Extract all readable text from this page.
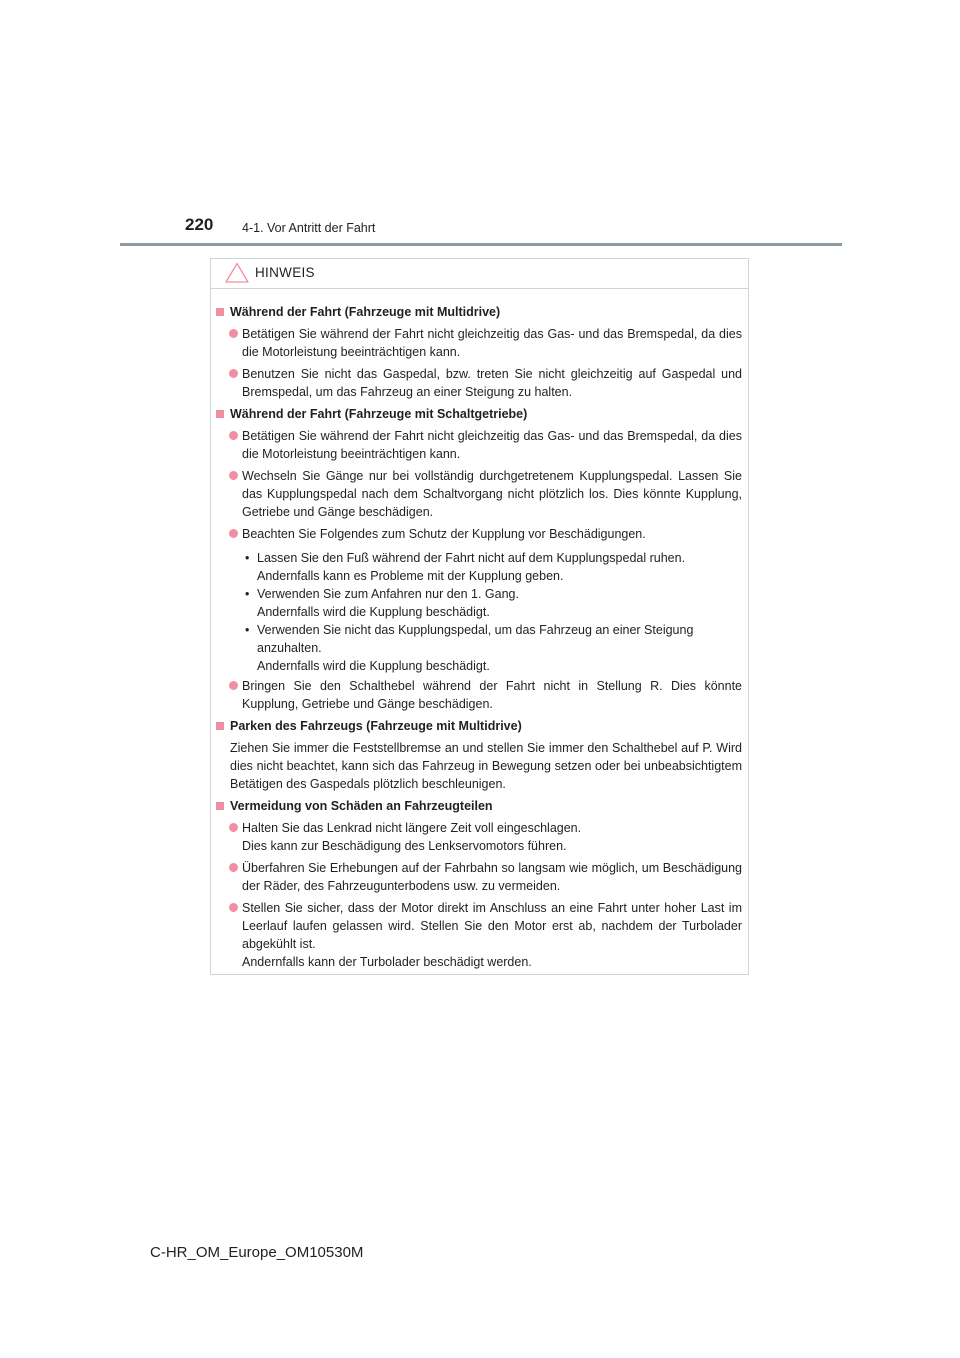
220 4-1. Vor Antritt der Fahrt
HINWEIS
Während der Fahrt (Fahrzeuge mit Multidrive)
Betätigen Sie während der Fahrt nicht gleichzeitig das Gas- und das Bremspedal, da dies die Motorleistung beeinträchtigen kann.
Benutzen Sie nicht das Gaspedal, bzw. treten Sie nicht gleichzeitig auf Gaspedal und Bremspedal, um das Fahrzeug an einer Steigung zu halten.
Während der Fahrt (Fahrzeuge mit Schaltgetriebe)
Betätigen Sie während der Fahrt nicht gleichzeitig das Gas- und das Bremspedal, da dies die Motorleistung beeinträchtigen kann.
Wechseln Sie Gänge nur bei vollständig durchgetretenem Kupplungspedal. Lassen Sie das Kupplungspedal nach dem Schaltvorgang nicht plötzlich los. Dies könnte Kupplung, Getriebe und Gänge beschädigen.
Beachten Sie Folgendes zum Schutz der Kupplung vor Beschädigungen.
• Lassen Sie den Fuß während der Fahrt nicht auf dem Kupplungspedal ruhen.
Andernfalls kann es Probleme mit der Kupplung geben.
• Verwenden Sie zum Anfahren nur den 1. Gang.
Andernfalls wird die Kupplung beschädigt.
• Verwenden Sie nicht das Kupplungspedal, um das Fahrzeug an einer Steigung anzuhalten.
Andernfalls wird die Kupplung beschädigt.
Bringen Sie den Schalthebel während der Fahrt nicht in Stellung R. Dies könnte Kupplung, Getriebe und Gänge beschädigen.
Parken des Fahrzeugs (Fahrzeuge mit Multidrive)
Ziehen Sie immer die Feststellbremse an und stellen Sie immer den Schalthebel auf P. Wird dies nicht beachtet, kann sich das Fahrzeug in Bewegung setzen oder bei unbeabsichtigtem Betätigen des Gaspedals plötzlich beschleunigen.
Vermeidung von Schäden an Fahrzeugteilen
Halten Sie das Lenkrad nicht längere Zeit voll eingeschlagen.
Dies kann zur Beschädigung des Lenkservomotors führen.
Überfahren Sie Erhebungen auf der Fahrbahn so langsam wie möglich, um Beschädigung der Räder, des Fahrzeugunterbodens usw. zu vermeiden.
Stellen Sie sicher, dass der Motor direkt im Anschluss an eine Fahrt unter hoher Last im Leerlauf laufen gelassen wird. Stellen Sie den Motor erst ab, nachdem der Turbolader abgekühlt ist.
Andernfalls kann der Turbolader beschädigt werden.
C-HR_OM_Europe_OM10530M
